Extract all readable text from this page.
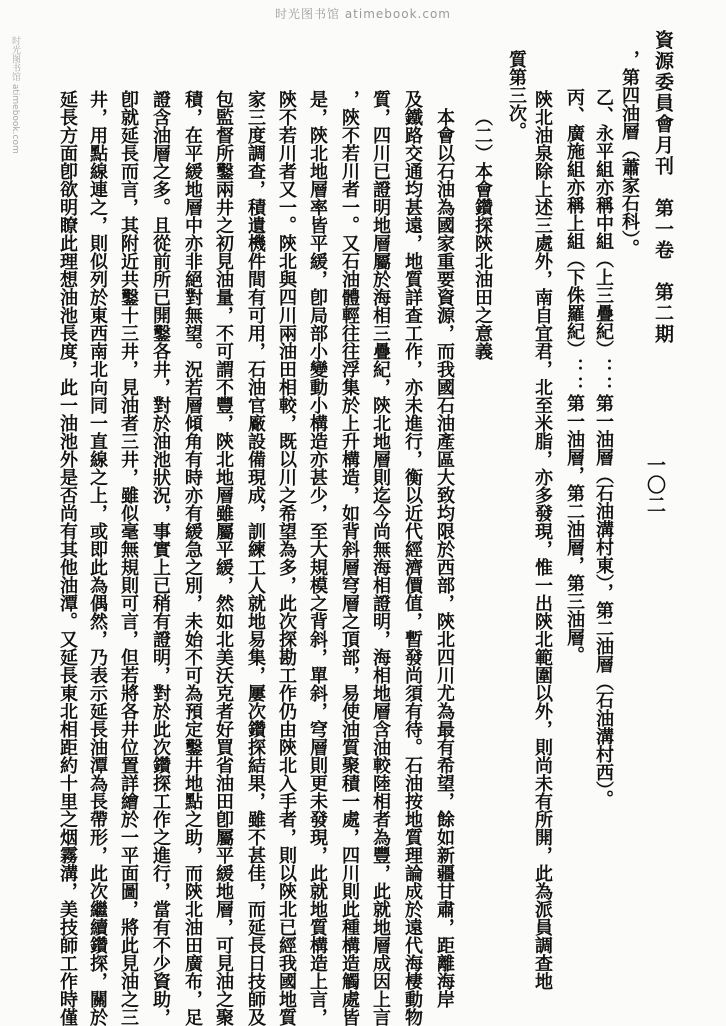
时光图书馆 atimebook.com
时光图书馆 atimebook.com	資源委員會月刊　第一卷　第二期
一〇二
，第四油層（蕭家石科）。
乙、永平組亦稱中組（上三疊紀）：：第一油層（石油溝村東），第二油層（石油溝村西）。
丙、廣施組亦稱上組（下侏羅紀）：：第一油層，第二油層，第三油層。
陝北油泉除上述三處外，南自宜君，北至米脂，亦多發現，惟一出陝北範圍以外，則尚未有所開，此為派員調查地
質第三次。
（二）本會鑽探陝北油田之意義
本會以石油為國家重要資源，而我國石油產區大致均限於西部，陝北四川尤為最有希望，餘如新疆甘肅，距離海岸
及鐵路交通均甚遠，地質詳查工作，亦未進行，衡以近代經濟價值，暫發尚須有待。石油按地質理論成於遠代海棲動物
質，四川已證明地層屬於海相三疊紀，陝北地層則迄今尚無海相證明，海相地層含油較陸相者為豐，此就地層成因上言
，陝不若川者一。又石油體輕往往浮集於上升構造，如背斜層穹層之頂部，易使油質聚積一處，四川則此種構造觸處皆
是，陝北地層率皆平緩，卽局部小變動小構造亦甚少，至大規模之背斜，單斜，穹層則更未發現，此就地質構造上言，
陝不若川者又一。陝北與四川兩油田相較，既以川之希望為多，此次探勘工作仍由陝北入手者，則以陝北已經我國地質
家三度調查，積遺機件間有可用，石油官廠設備現成，訓練工人就地易集，屢次鑽探結果，雖不甚佳，而延長日技師及
包監督所鑿兩井之初見油量，不可謂不豐，陝北地層雖屬平緩，然如北美沃克者好買省油田卽屬平緩地層，可見油之聚
積，在平緩地層中亦非絕對無望。況若層傾角有時亦有緩急之別，未始不可為預定鑿井地點之助，而陝北油田廣布，足
證含油層之多。且從前所已開鑿各井，對於油池狀況，事實上已稍有證明，對於此次鑽探工作之進行，當有不少資助，
卽就延長而言，其附近共鑿十三井，見油者三井，雖似毫無規則可言，但若將各井位置詳繪於一平面圖，將此見油之三
井，用點線連之，則似列於東西南北向同一直線之上，或即此為偶然，乃表示延長油潭為長帶形，此次繼續鑽探，關於
延長方面卽欲明瞭此理想油池長度，此一油池外是否尚有其他油潭。又延長東北相距約十里之烟霧溝，美技師工作時僅
